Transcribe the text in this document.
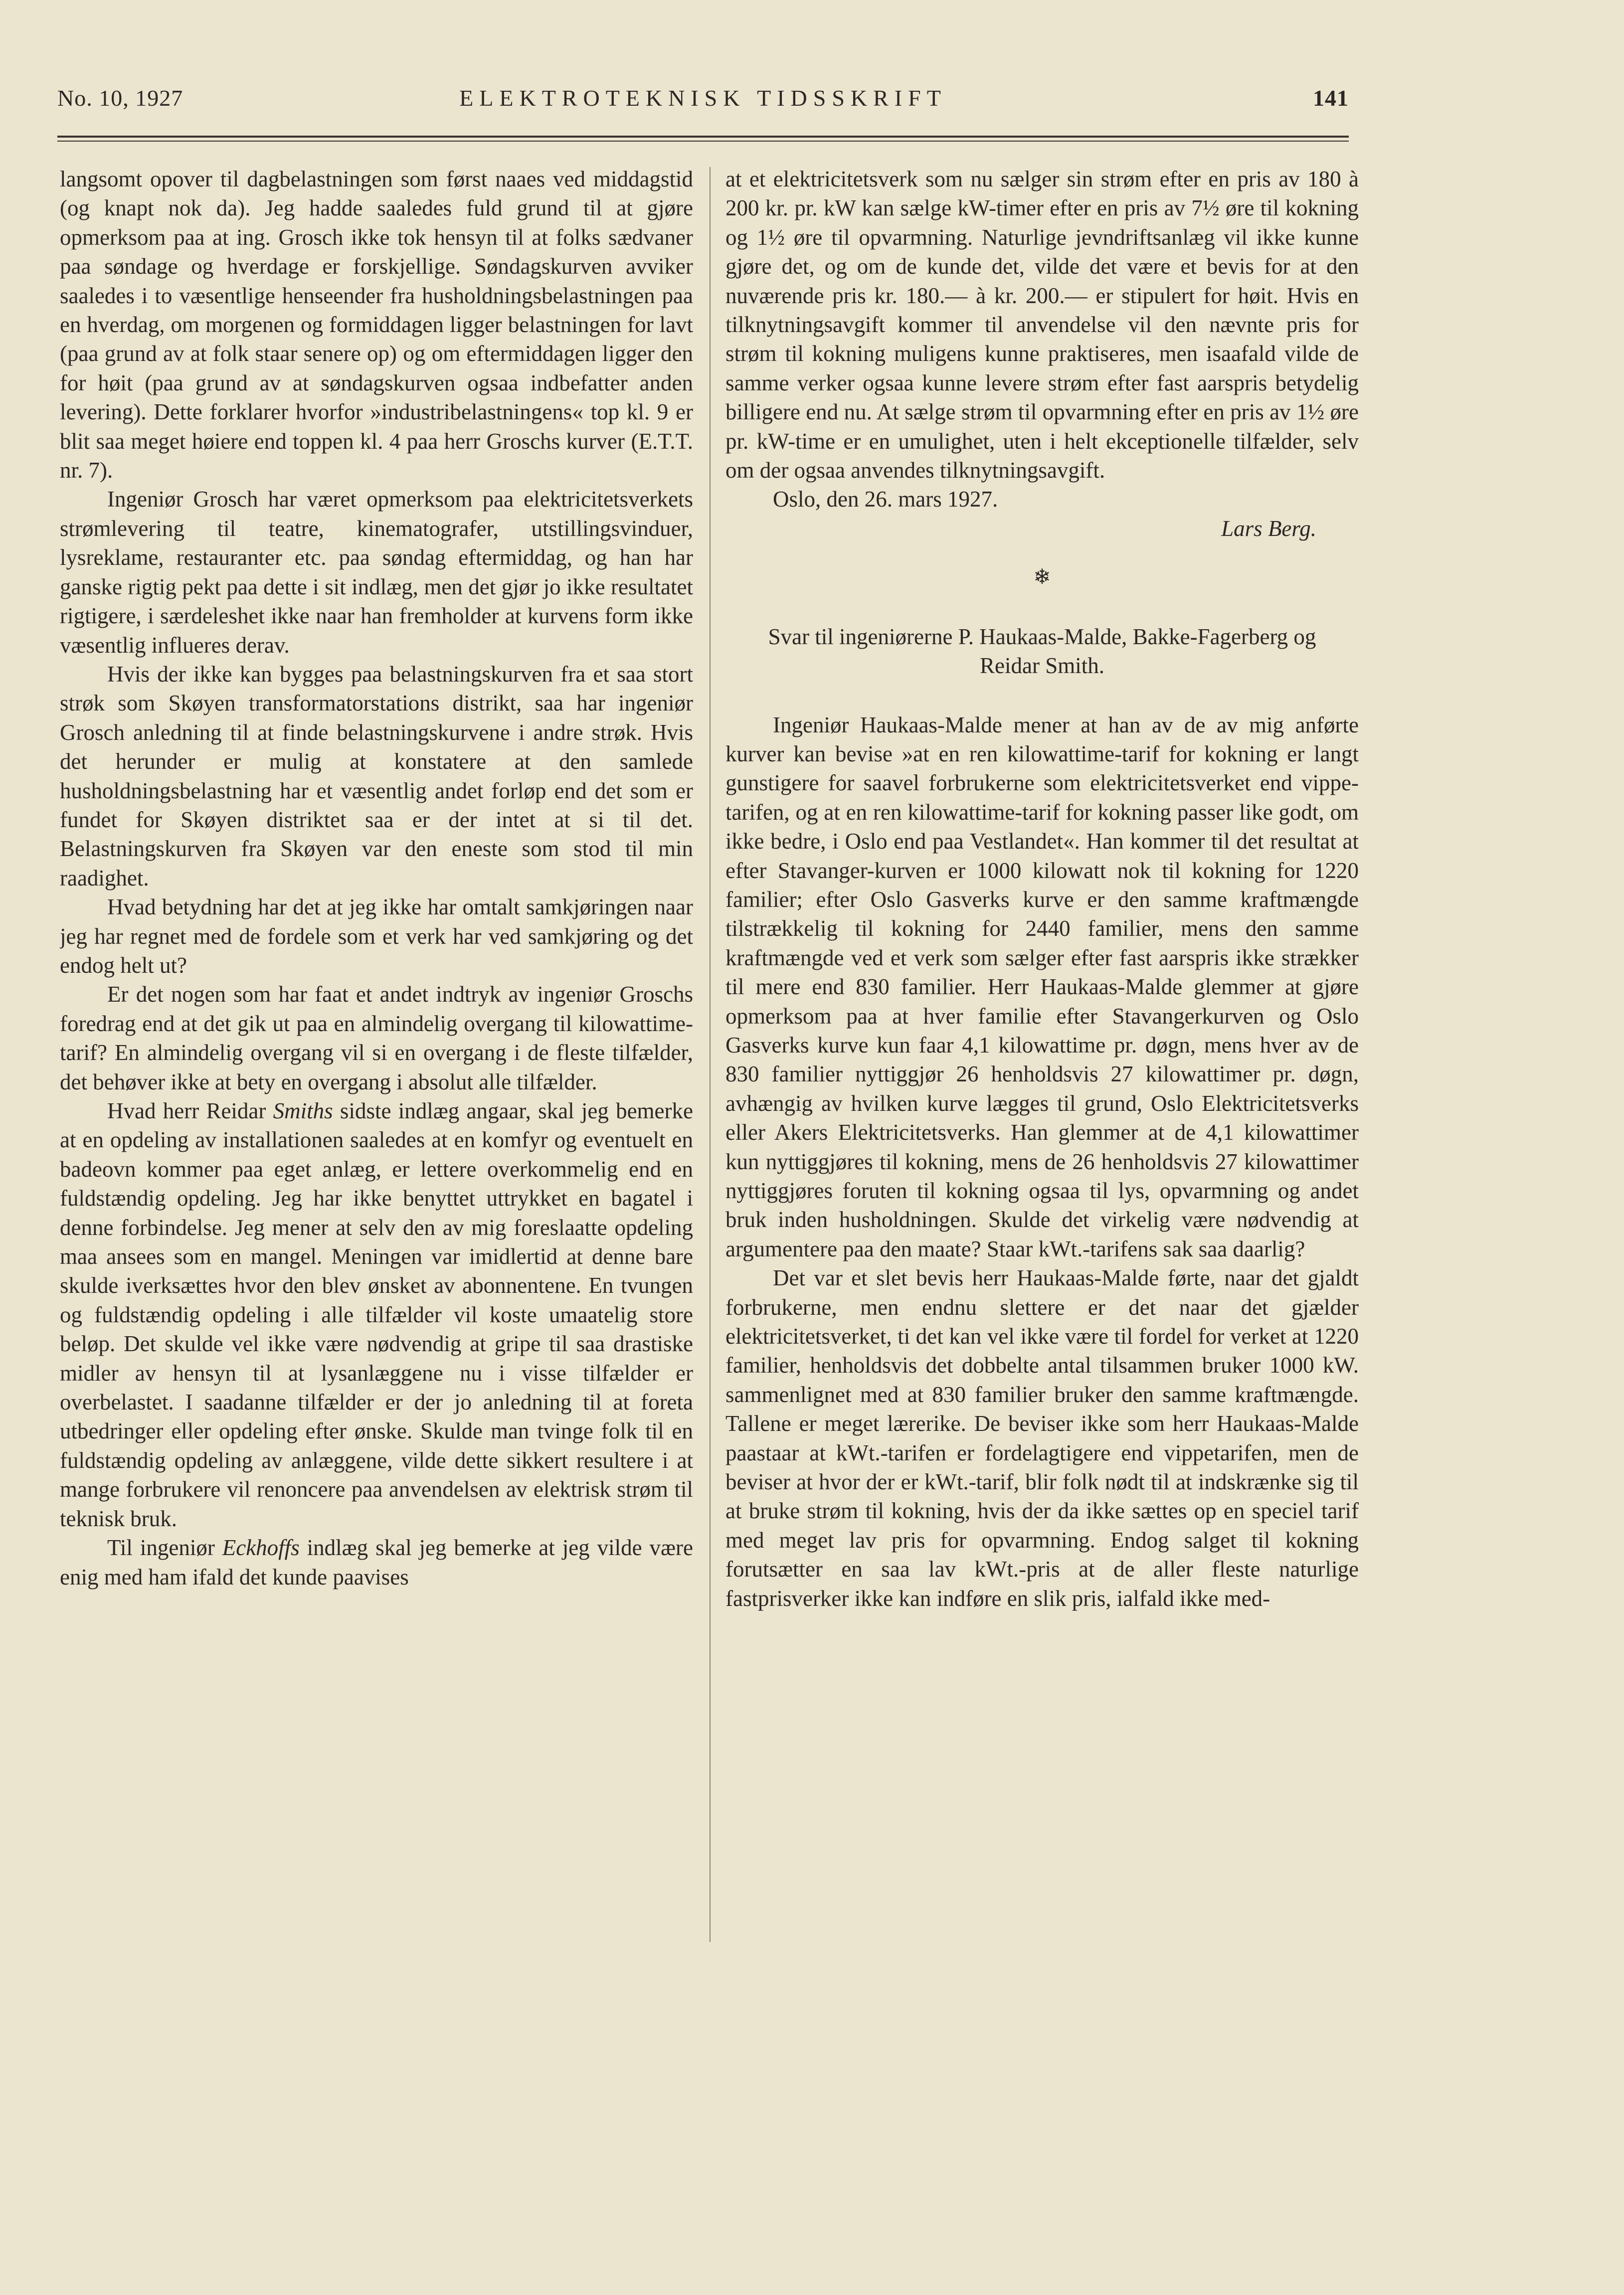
No. 10, 1927	ELEKTROTEKNISK TIDSSKRIFT	141

langsomt opover til dagbelastningen som først naaes ved middagstid (og knapt nok da). Jeg hadde saaledes fuld grund til at gjøre opmerksom paa at ing. Grosch ikke tok hensyn til at folks sædvaner paa søndage og hverdage er forskjellige. Søndagskurven avviker saaledes i to væsentlige henseender fra husholdningsbelastningen paa en hverdag, om morgenen og formiddagen ligger belastningen for lavt (paa grund av at folk staar senere op) og om eftermiddagen ligger den for høit (paa grund av at søndagskurven ogsaa indbefatter anden levering). Dette forklarer hvorfor »industribelastningens« top kl. 9 er blit saa meget høiere end toppen kl. 4 paa herr Groschs kurver (E.T.T. nr. 7).

Ingeniør Grosch har været opmerksom paa elektricitetsverkets strømlevering til teatre, kinematografer, utstillingsvinduer, lysreklame, restauranter etc. paa søndag eftermiddag, og han har ganske rigtig pekt paa dette i sit indlæg, men det gjør jo ikke resultatet rigtigere, i særdeleshet ikke naar han fremholder at kurvens form ikke væsentlig influeres derav.

Hvis der ikke kan bygges paa belastningskurven fra et saa stort strøk som Skøyen transformatorstations distrikt, saa har ingeniør Grosch anledning til at finde belastningskurvene i andre strøk. Hvis det herunder er mulig at konstatere at den samlede husholdningsbelastning har et væsentlig andet forløp end det som er fundet for Skøyen distriktet saa er der intet at si til det. Belastningskurven fra Skøyen var den eneste som stod til min raadighet.

Hvad betydning har det at jeg ikke har omtalt samkjøringen naar jeg har regnet med de fordele som et verk har ved samkjøring og det endog helt ut?

Er det nogen som har faat et andet indtryk av ingeniør Groschs foredrag end at det gik ut paa en almindelig overgang til kilowattime-tarif? En almindelig overgang vil si en overgang i de fleste tilfælder, det behøver ikke at bety en overgang i absolut alle tilfælder.

Hvad herr Reidar Smiths sidste indlæg angaar, skal jeg bemerke at en opdeling av installationen saaledes at en komfyr og eventuelt en badeovn kommer paa eget anlæg, er lettere overkommelig end en fuldstændig opdeling. Jeg har ikke benyttet uttrykket en bagatel i denne forbindelse. Jeg mener at selv den av mig foreslaatte opdeling maa ansees som en mangel. Meningen var imidlertid at denne bare skulde iverksættes hvor den blev ønsket av abonnentene. En tvungen og fuldstændig opdeling i alle tilfælder vil koste umaatelig store beløp. Det skulde vel ikke være nødvendig at gripe til saa drastiske midler av hensyn til at lysanlæggene nu i visse tilfælder er overbelastet. I saadanne tilfælder er der jo anledning til at foreta utbedringer eller opdeling efter ønske. Skulde man tvinge folk til en fuldstændig opdeling av anlæggene, vilde dette sikkert resultere i at mange forbrukere vil renoncere paa anvendelsen av elektrisk strøm til teknisk bruk.

Til ingeniør Eckhoffs indlæg skal jeg bemerke at jeg vilde være enig med ham ifald det kunde paavises

at et elektricitetsverk som nu sælger sin strøm efter en pris av 180 à 200 kr. pr. kW kan sælge kW-timer efter en pris av 7½ øre til kokning og 1½ øre til opvarmning. Naturlige jevndriftsanlæg vil ikke kunne gjøre det, og om de kunde det, vilde det være et bevis for at den nuværende pris kr. 180.— à kr. 200.— er stipulert for høit. Hvis en tilknytningsavgift kommer til anvendelse vil den nævnte pris for strøm til kokning muligens kunne praktiseres, men isaafald vilde de samme verker ogsaa kunne levere strøm efter fast aarspris betydelig billigere end nu. At sælge strøm til opvarmning efter en pris av 1½ øre pr. kW-time er en umulighet, uten i helt ekceptionelle tilfælder, selv om der ogsaa anvendes tilknytningsavgift.

Oslo, den 26. mars 1927.

Lars Berg.

❄

Svar til ingeniørerne P. Haukaas-Malde, Bakke-Fagerberg og Reidar Smith.

Ingeniør Haukaas-Malde mener at han av de av mig anførte kurver kan bevise »at en ren kilowattime-tarif for kokning er langt gunstigere for saavel forbrukerne som elektricitetsverket end vippe-tarifen, og at en ren kilowattime-tarif for kokning passer like godt, om ikke bedre, i Oslo end paa Vestlandet«. Han kommer til det resultat at efter Stavanger-kurven er 1000 kilowatt nok til kokning for 1220 familier; efter Oslo Gasverks kurve er den samme kraftmængde tilstrækkelig til kokning for 2440 familier, mens den samme kraftmængde ved et verk som sælger efter fast aarspris ikke strækker til mere end 830 familier. Herr Haukaas-Malde glemmer at gjøre opmerksom paa at hver familie efter Stavangerkurven og Oslo Gasverks kurve kun faar 4,1 kilowattime pr. døgn, mens hver av de 830 familier nyttiggjør 26 henholdsvis 27 kilowattimer pr. døgn, avhængig av hvilken kurve lægges til grund, Oslo Elektricitetsverks eller Akers Elektricitetsverks. Han glemmer at de 4,1 kilowattimer kun nyttiggjøres til kokning, mens de 26 henholdsvis 27 kilowattimer nyttiggjøres foruten til kokning ogsaa til lys, opvarmning og andet bruk inden husholdningen. Skulde det virkelig være nødvendig at argumentere paa den maate? Staar kWt.-tarifens sak saa daarlig?

Det var et slet bevis herr Haukaas-Malde førte, naar det gjaldt forbrukerne, men endnu slettere er det naar det gjælder elektricitetsverket, ti det kan vel ikke være til fordel for verket at 1220 familier, henholdsvis det dobbelte antal tilsammen bruker 1000 kW. sammenlignet med at 830 familier bruker den samme kraftmængde. Tallene er meget lærerike. De beviser ikke som herr Haukaas-Malde paastaar at kWt.-tarifen er fordelagtigere end vippetarifen, men de beviser at hvor der er kWt.-tarif, blir folk nødt til at indskrænke sig til at bruke strøm til kokning, hvis der da ikke sættes op en speciel tarif med meget lav pris for opvarmning. Endog salget til kokning forutsætter en saa lav kWt.-pris at de aller fleste naturlige fastprisverker ikke kan indføre en slik pris, ialfald ikke med-
